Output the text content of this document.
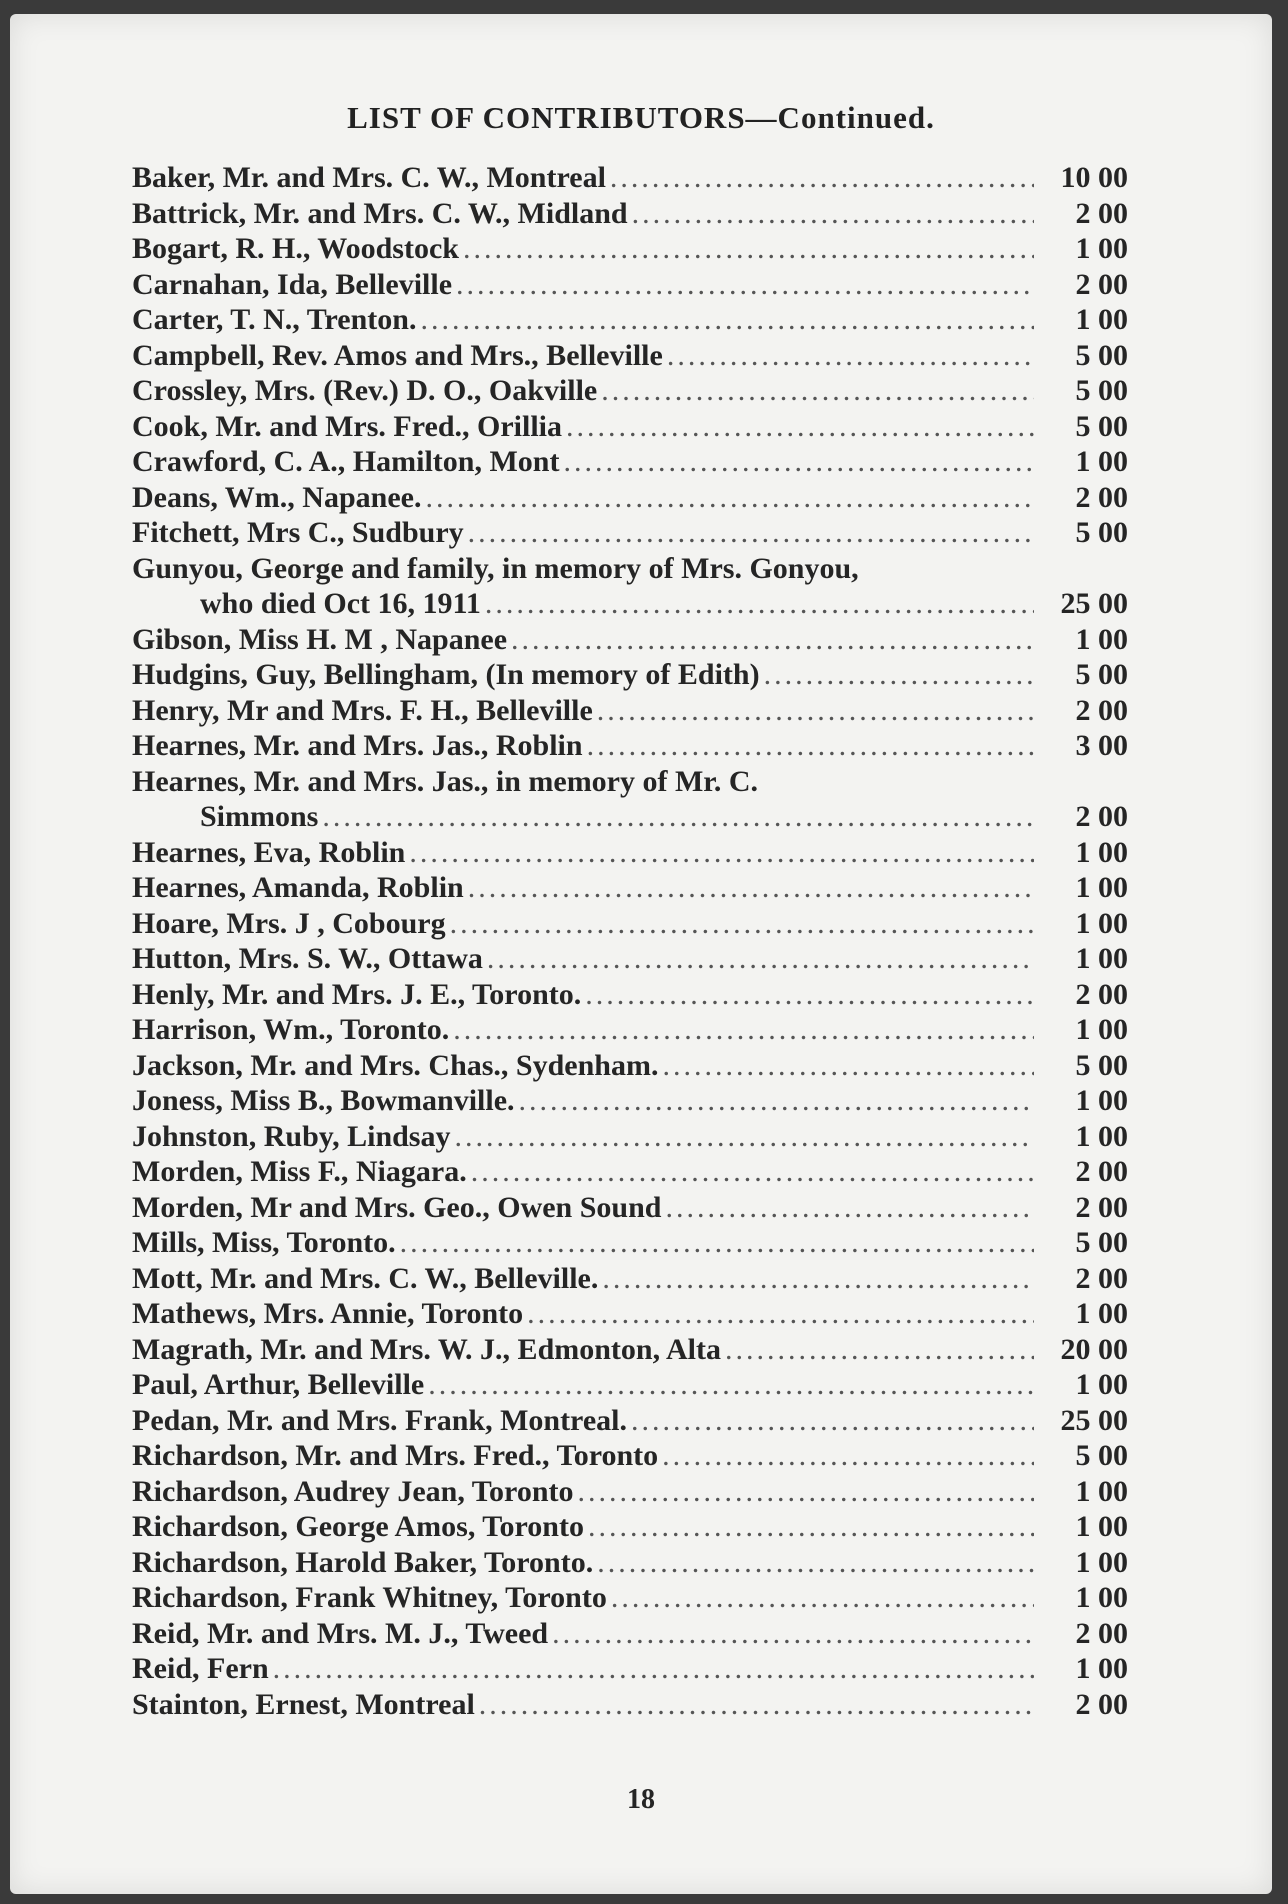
LIST OF CONTRIBUTORS—Continued.
Baker, Mr. and Mrs. C. W., Montreal .....	10 00
Battrick, Mr. and Mrs. C. W., Midland .....	2 00
Bogart, R. H., Woodstock .....	1 00
Carnahan, Ida, Belleville .....	2 00
Carter, T. N., Trenton. .....	1 00
Campbell, Rev. Amos and Mrs., Belleville .....	5 00
Crossley, Mrs. (Rev.) D. O., Oakville .....	5 00
Cook, Mr. and Mrs. Fred., Orillia .....	5 00
Crawford, C. A., Hamilton, Mont .....	1 00
Deans, Wm., Napanee. .....	2 00
Fitchett, Mrs C., Sudbury .....	5 00
Gunyou, George and family, in memory of Mrs. Gonyou,
who died Oct 16, 1911 .....	25 00
Gibson, Miss H. M , Napanee .....	1 00
Hudgins, Guy, Bellingham, (In memory of Edith) .....	5 00
Henry, Mr and Mrs. F. H., Belleville .....	2 00
Hearnes, Mr. and Mrs. Jas., Roblin .....	3 00
Hearnes, Mr. and Mrs. Jas., in memory of Mr. C.
Simmons .....	2 00
Hearnes, Eva, Roblin .....	1 00
Hearnes, Amanda, Roblin .....	1 00
Hoare, Mrs. J , Cobourg .....	1 00
Hutton, Mrs. S. W., Ottawa .....	1 00
Henly, Mr. and Mrs. J. E., Toronto. .....	2 00
Harrison, Wm., Toronto. .....	1 00
Jackson, Mr. and Mrs. Chas., Sydenham. .....	5 00
Joness, Miss B., Bowmanville. .....	1 00
Johnston, Ruby, Lindsay .....	1 00
Morden, Miss F., Niagara. .....	2 00
Morden, Mr and Mrs. Geo., Owen Sound .....	2 00
Mills, Miss, Toronto. .....	5 00
Mott, Mr. and Mrs. C. W., Belleville. .....	2 00
Mathews, Mrs. Annie, Toronto .....	1 00
Magrath, Mr. and Mrs. W. J., Edmonton, Alta .....	20 00
Paul, Arthur, Belleville .....	1 00
Pedan, Mr. and Mrs. Frank, Montreal. .....	25 00
Richardson, Mr. and Mrs. Fred., Toronto .....	5 00
Richardson, Audrey Jean, Toronto .....	1 00
Richardson, George Amos, Toronto .....	1 00
Richardson, Harold Baker, Toronto. .....	1 00
Richardson, Frank Whitney, Toronto .....	1 00
Reid, Mr. and Mrs. M. J., Tweed .....	2 00
Reid, Fern .....	1 00
Stainton, Ernest, Montreal .....	2 00
18
